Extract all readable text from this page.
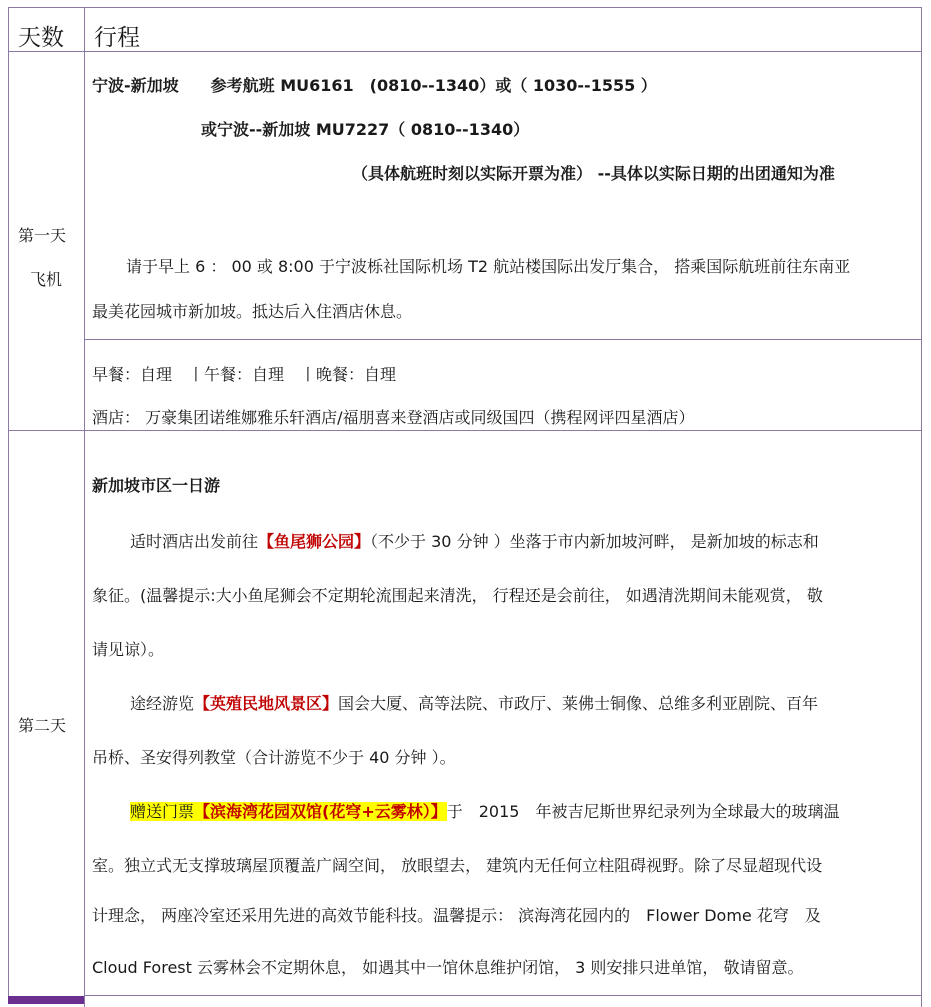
天数 行程
第一天
飞机
宁波-新加坡　　参考航班 MU6161　(0810--1340）或（ 1030--1555 ）
或宁波--新加坡 MU7227（ 0810--1340）
（具体航班时刻以实际开票为准） --具体以实际日期的出团通知为准
请于早上 6 ： 00 或 8:00 于宁波栎社国际机场 T2 航站楼国际出发厅集合， 搭乘国际航班前往东南亚
最美花园城市新加坡。抵达后入住酒店休息。
早餐：自理　丨午餐：自理　丨晚餐：自理
酒店： 万豪集团诺维娜雅乐轩酒店/福朋喜来登酒店或同级国四（携程网评四星酒店）
第二天
新加坡市区一日游
适时酒店出发前往【鱼尾狮公园】（不少于 30 分钟 ）坐落于市内新加坡河畔， 是新加坡的标志和
象征。(温馨提示:大小鱼尾狮会不定期轮流围起来清洗， 行程还是会前往， 如遇清洗期间未能观赏， 敬
请见谅）。
途经游览【英殖民地风景区】国会大厦、高等法院、市政厅、莱佛士铜像、总维多利亚剧院、百年
吊桥、圣安得列教堂（合计游览不少于 40 分钟 ）。
赠送门票【滨海湾花园双馆(花穹+云雾林）】于　2015　年被吉尼斯世界纪录列为全球最大的玻璃温
室。独立式无支撑玻璃屋顶覆盖广阔空间， 放眼望去， 建筑内无任何立柱阻碍视野。除了尽显超现代设
计理念， 两座冷室还采用先进的高效节能科技。温馨提示： 滨海湾花园内的　Flower Dome 花穹　及
Cloud Forest 云雾林会不定期休息， 如遇其中一馆休息维护闭馆， 3 则安排只进单馆， 敬请留意。
